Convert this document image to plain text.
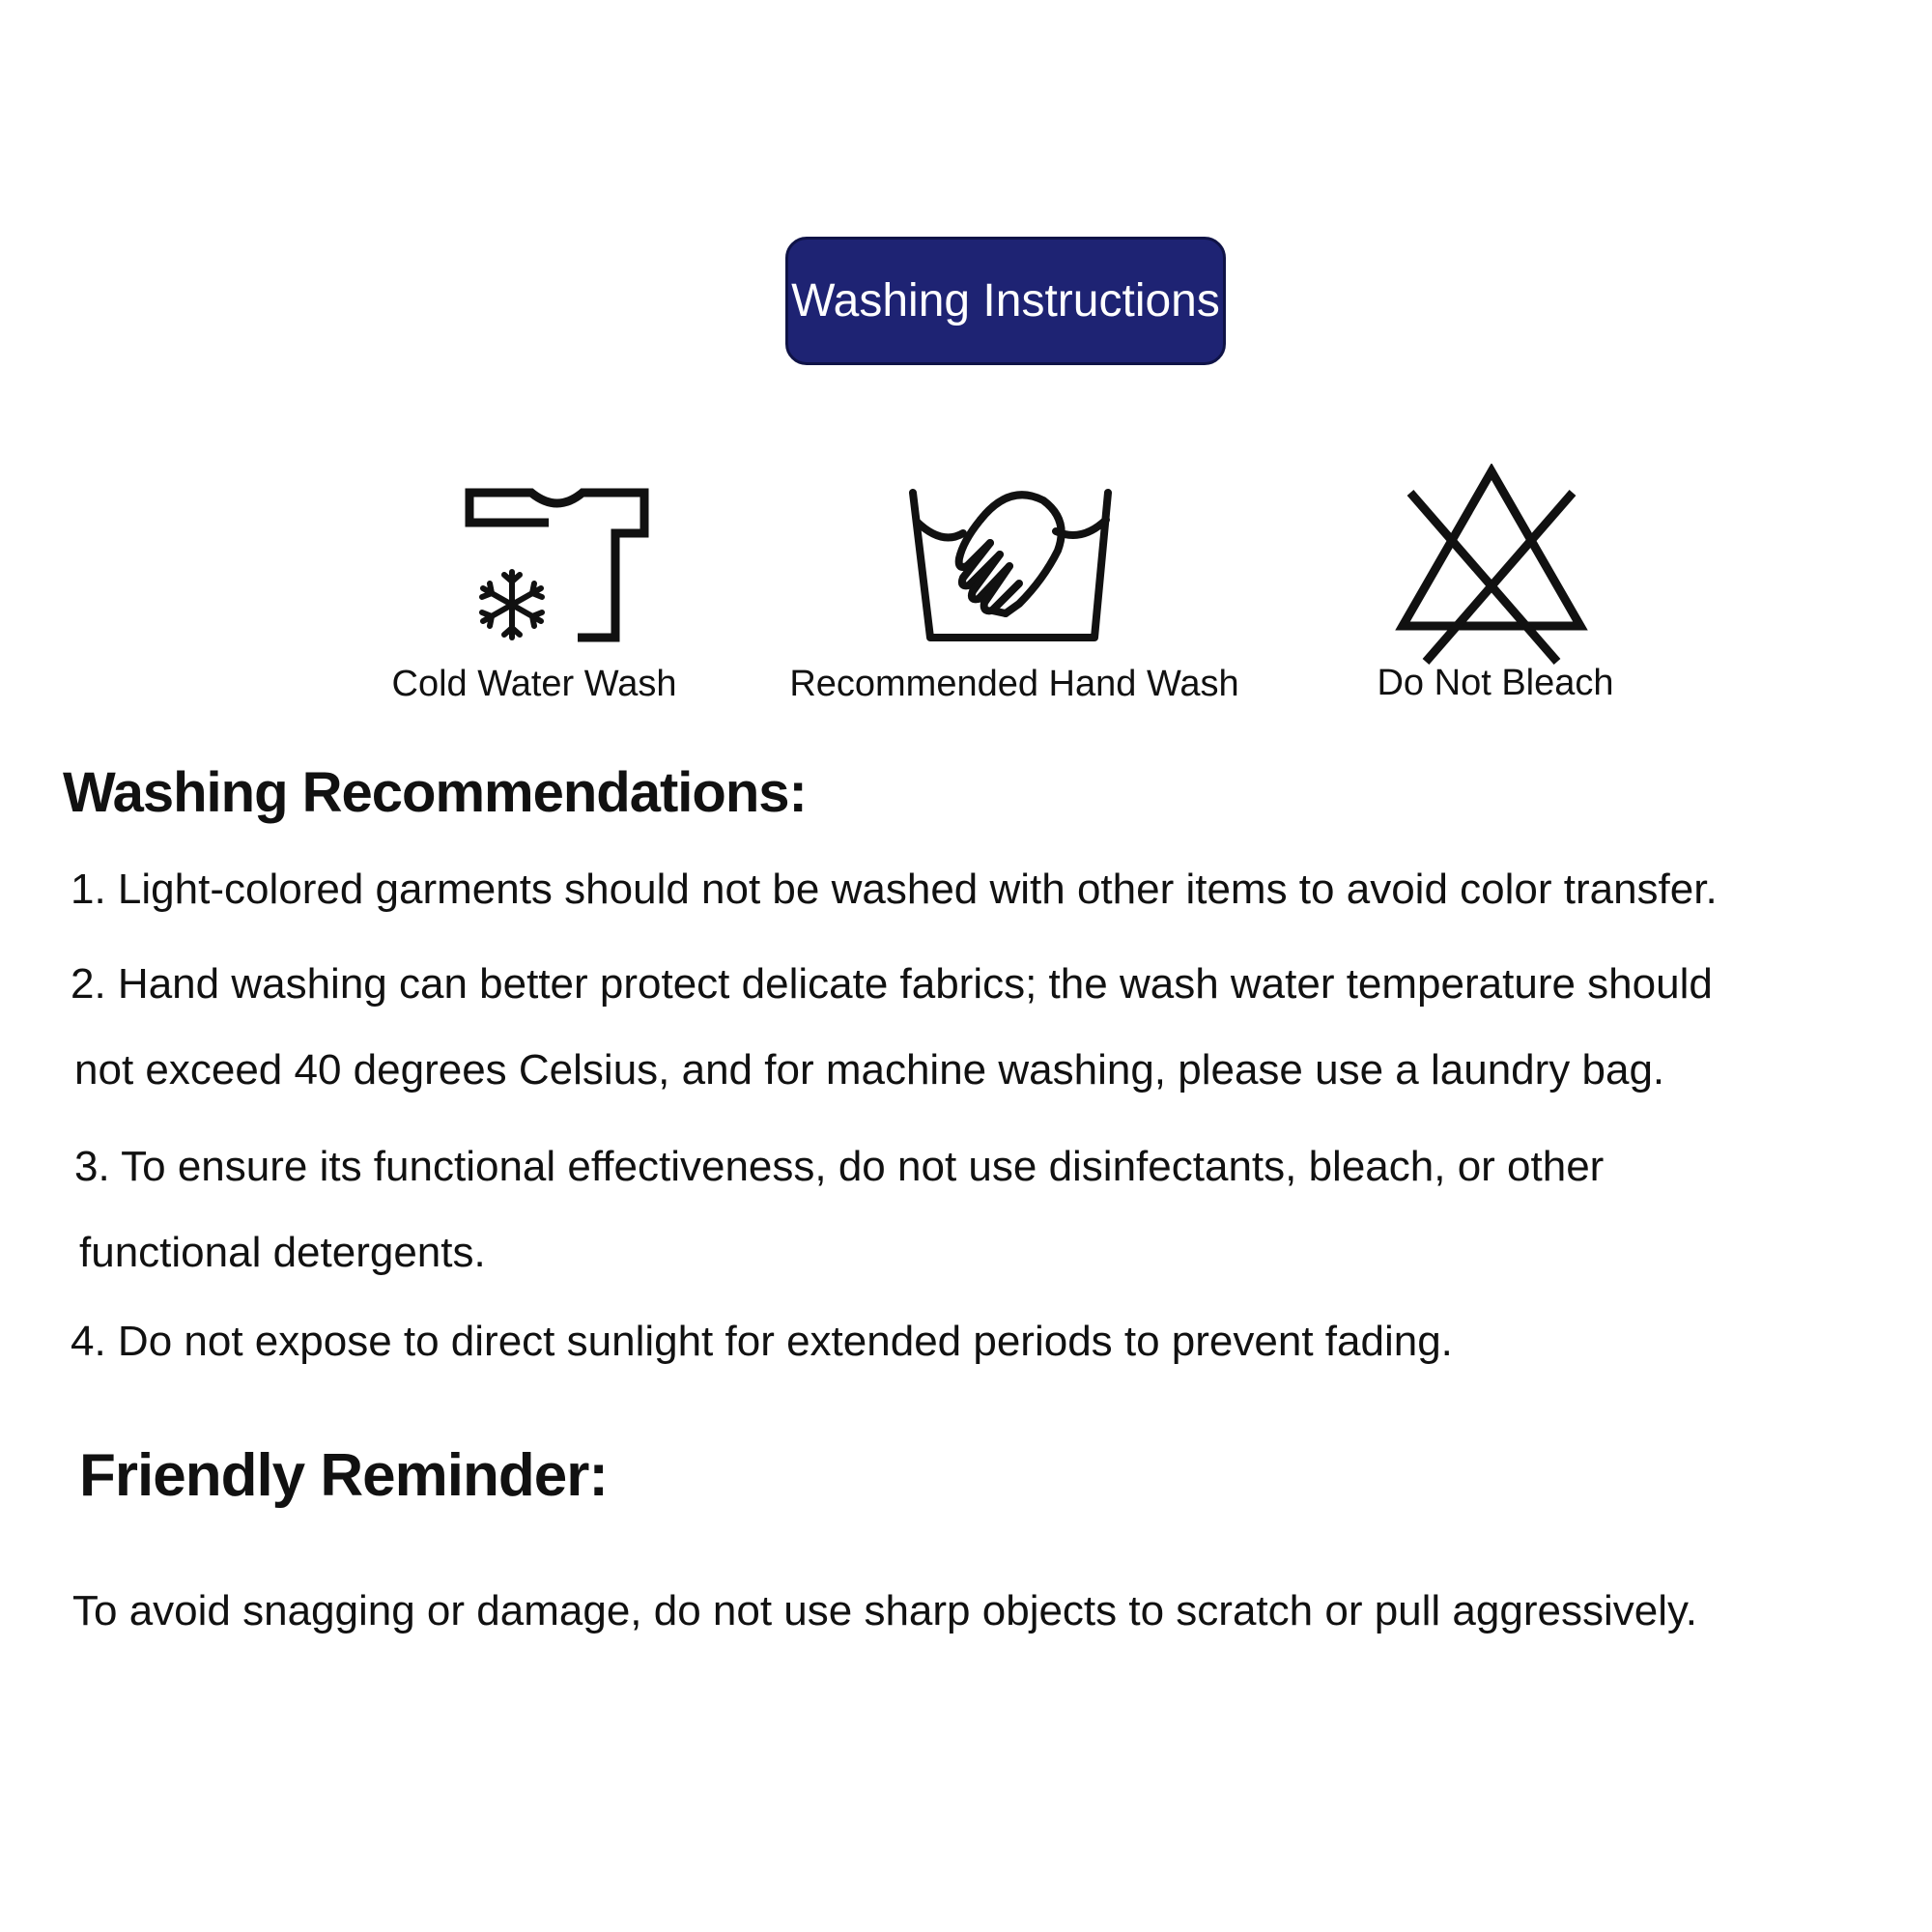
Washing Instructions
Cold Water Wash	Recommended Hand Wash	Do Not Bleach
Washing Recommendations:
1. Light-colored garments should not be washed with other items to avoid color transfer.
2. Hand washing can better protect delicate fabrics; the wash water temperature should
not exceed 40 degrees Celsius, and for machine washing, please use a laundry bag.
3. To ensure its functional effectiveness, do not use disinfectants, bleach, or other
functional detergents.
4. Do not expose to direct sunlight for extended periods to prevent fading.
Friendly Reminder:
To avoid snagging or damage, do not use sharp objects to scratch or pull aggressively.
